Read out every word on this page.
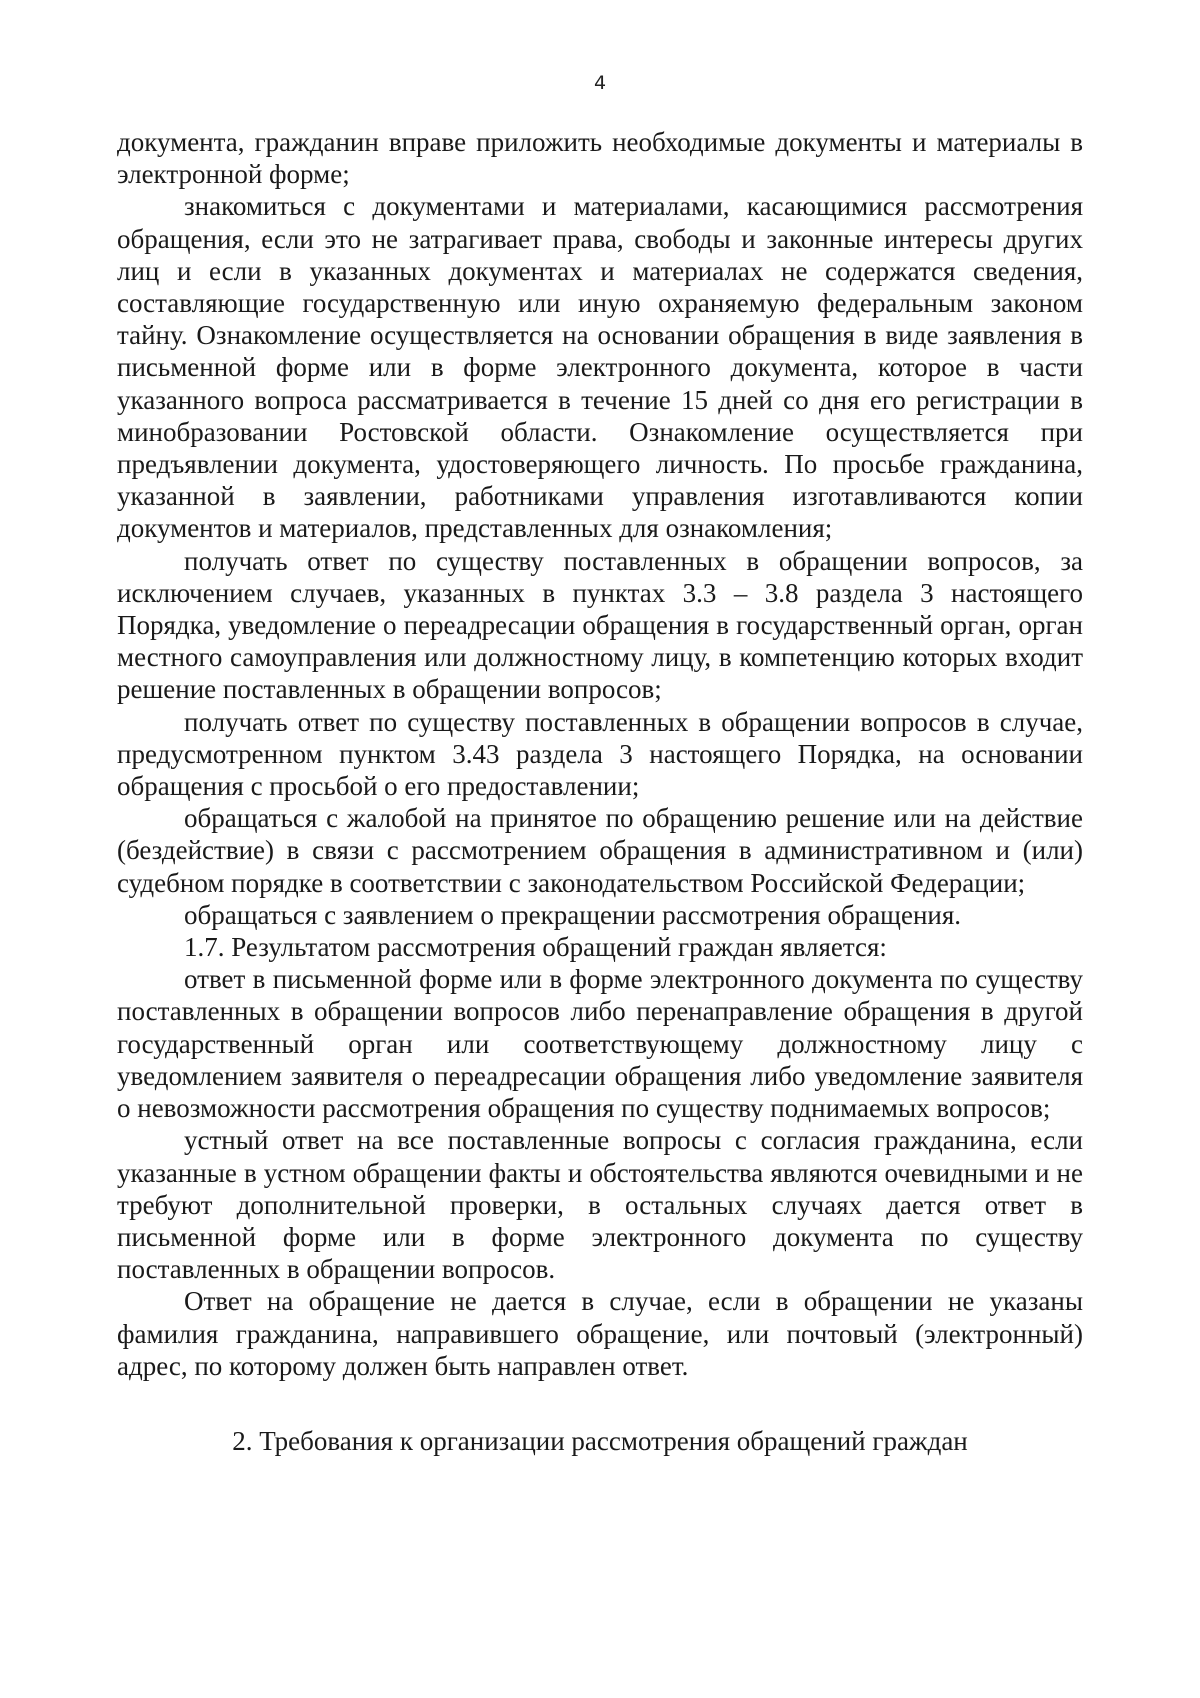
4

документа, гражданин вправе приложить необходимые документы и материалы в электронной форме;

знакомиться с документами и материалами, касающимися рассмотрения обращения, если это не затрагивает права, свободы и законные интересы других лиц и если в указанных документах и материалах не содержатся сведения, составляющие государственную или иную охраняемую федеральным законом тайну. Ознакомление осуществляется на основании обращения в виде заявления в письменной форме или в форме электронного документа, которое в части указанного вопроса рассматривается в течение 15 дней со дня его регистрации в минобразовании Ростовской области. Ознакомление осуществляется при предъявлении документа, удостоверяющего личность. По просьбе гражданина, указанной в заявлении, работниками управления изготавливаются копии документов и материалов, представленных для ознакомления;

получать ответ по существу поставленных в обращении вопросов, за исключением случаев, указанных в пунктах 3.3 – 3.8 раздела 3 настоящего Порядка, уведомление о переадресации обращения в государственный орган, орган местного самоуправления или должностному лицу, в компетенцию которых входит решение поставленных в обращении вопросов;

получать ответ по существу поставленных в обращении вопросов в случае, предусмотренном пунктом 3.43 раздела 3 настоящего Порядка, на основании обращения с просьбой о его предоставлении;

обращаться с жалобой на принятое по обращению решение или на действие (бездействие) в связи с рассмотрением обращения в административном и (или) судебном порядке в соответствии с законодательством Российской Федерации;

обращаться с заявлением о прекращении рассмотрения обращения.

1.7. Результатом рассмотрения обращений граждан является:

ответ в письменной форме или в форме электронного документа по существу поставленных в обращении вопросов либо перенаправление обращения в другой государственный орган или соответствующему должностному лицу с уведомлением заявителя о переадресации обращения либо уведомление заявителя о невозможности рассмотрения обращения по существу поднимаемых вопросов;

устный ответ на все поставленные вопросы с согласия гражданина, если указанные в устном обращении факты и обстоятельства являются очевидными и не требуют дополнительной проверки, в остальных случаях дается ответ в письменной форме или в форме электронного документа по существу поставленных в обращении вопросов.

Ответ на обращение не дается в случае, если в обращении не указаны фамилия гражданина, направившего обращение, или почтовый (электронный) адрес, по которому должен быть направлен ответ.

2. Требования к организации рассмотрения обращений граждан
